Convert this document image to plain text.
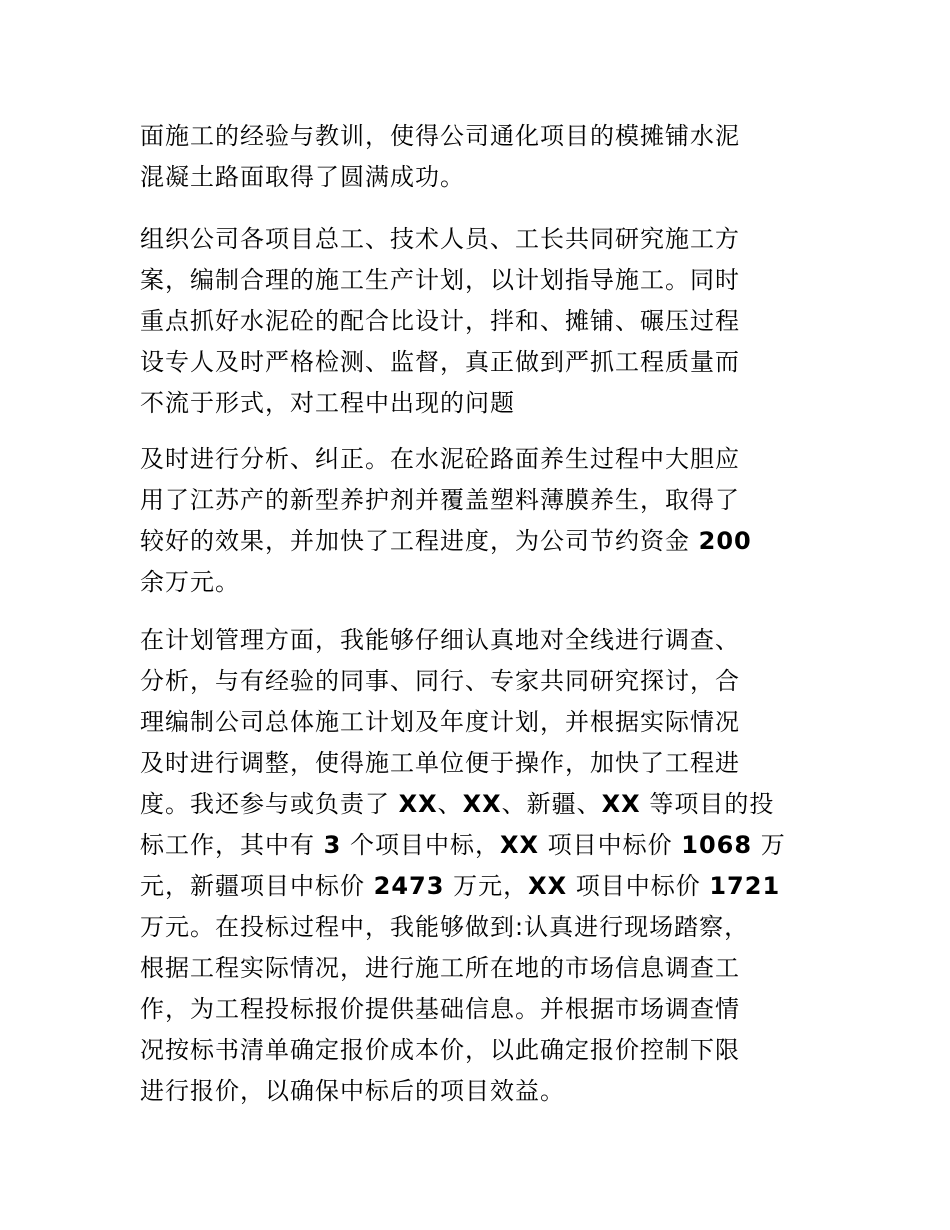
面施工的经验与教训，使得公司通化项目的模摊铺水泥
混凝土路面取得了圆满成功。
组织公司各项目总工、技术人员、工长共同研究施工方
案，编制合理的施工生产计划，以计划指导施工。同时
重点抓好水泥砼的配合比设计，拌和、摊铺、碾压过程
设专人及时严格检测、监督，真正做到严抓工程质量而
不流于形式，对工程中出现的问题
及时进行分析、纠正。在水泥砼路面养生过程中大胆应
用了江苏产的新型养护剂并覆盖塑料薄膜养生，取得了
较好的效果，并加快了工程进度，为公司节约资金 200
余万元。
在计划管理方面，我能够仔细认真地对全线进行调查、
分析，与有经验的同事、同行、专家共同研究探讨，合
理编制公司总体施工计划及年度计划，并根据实际情况
及时进行调整，使得施工单位便于操作，加快了工程进
度。我还参与或负责了 XX、XX、新疆、XX 等项目的投
标工作，其中有 3 个项目中标，XX 项目中标价 1068 万
元，新疆项目中标价 2473 万元，XX 项目中标价 1721
万元。在投标过程中，我能够做到:认真进行现场踏察，
根据工程实际情况，进行施工所在地的市场信息调查工
作，为工程投标报价提供基础信息。并根据市场调查情
况按标书清单确定报价成本价，以此确定报价控制下限
进行报价，以确保中标后的项目效益。
